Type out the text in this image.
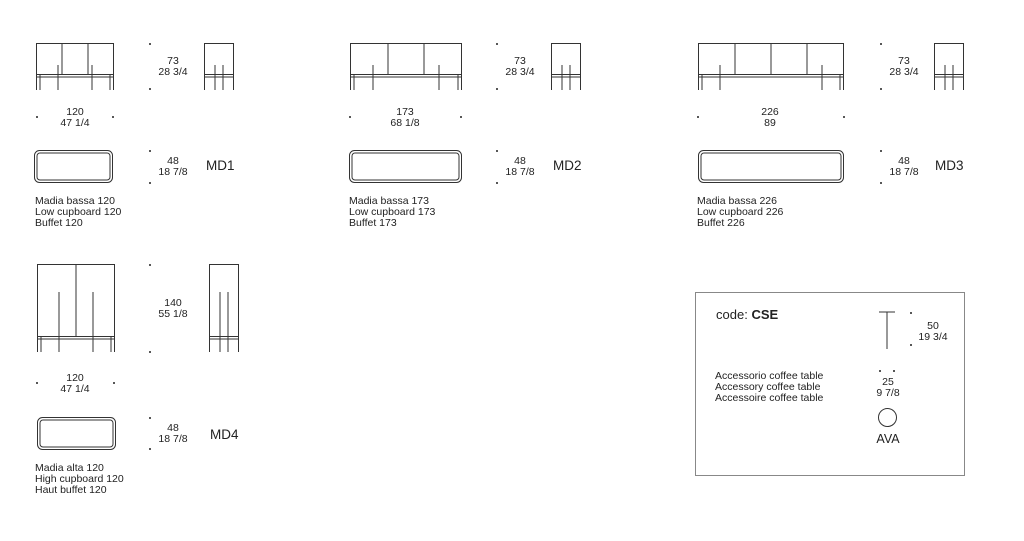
73
28 3/4
120
47 1/4
48
18 7/8	MD1
Madia bassa 120
Low cupboard 120
Buffet 120
73
28 3/4
173
68 1/8
48
18 7/8	MD2
Madia bassa 173
Low cupboard 173
Buffet 173
73
28 3/4
226
89
48
18 7/8	MD3
Madia bassa 226
Low cupboard 226
Buffet 226
140
55 1/8
120
47 1/4
48
18 7/8	MD4
Madia alta 120
High cupboard 120
Haut buffet 120
code: CSE
Accessorio coffee table
Accessory coffee table
Accessoire coffee table
50
19 3/4
25
9 7/8
AVA
